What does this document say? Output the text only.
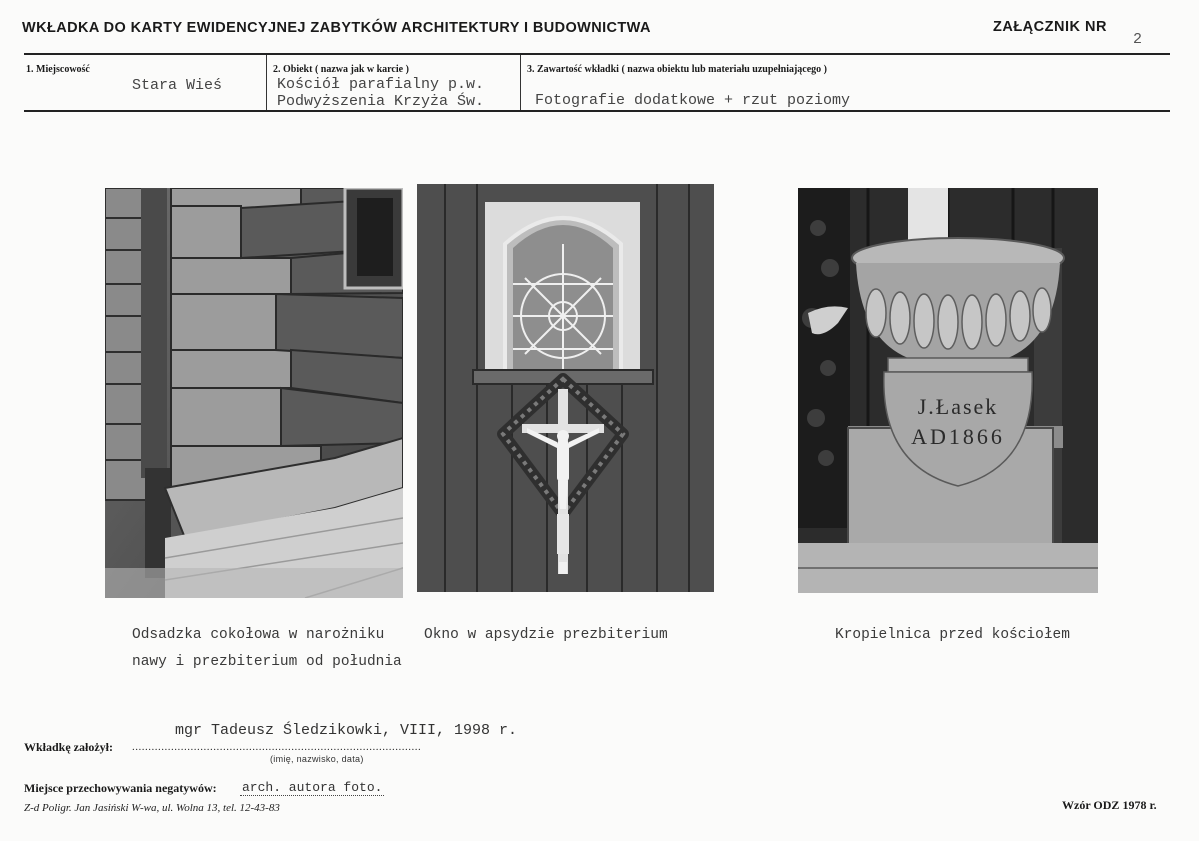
WKŁADKA DO KARTY EWIDENCYJNEJ ZABYTKÓW ARCHITEKTURY I BUDOWNICTWA	ZAŁĄCZNIK NR
2
1. Miejscowość
Stara Wieś
2. Obiekt ( nazwa jak w karcie )
Kościół parafialny p.w.
Podwyższenia Krzyża Św.
3. Zawartość wkładki ( nazwa obiektu lub materiału uzupełniającego )
Fotografie dodatkowe + rzut poziomy
J.Łasek
AD1866
Odsadzka cokołowa w narożniku
nawy i prezbiterium od południa
Okno w apsydzie prezbiterium	Kropielnica przed kościołem
mgr Tadeusz Śledzikowki, VIII, 1998 r.
Wkładkę założył: .........................................................................................
(imię, nazwisko, data)
Miejsce przechowywania negatywów: arch. autora foto.
Z-d Poligr. Jan Jasiński W-wa, ul. Wolna 13, tel. 12-43-83	Wzór ODZ 1978 r.
